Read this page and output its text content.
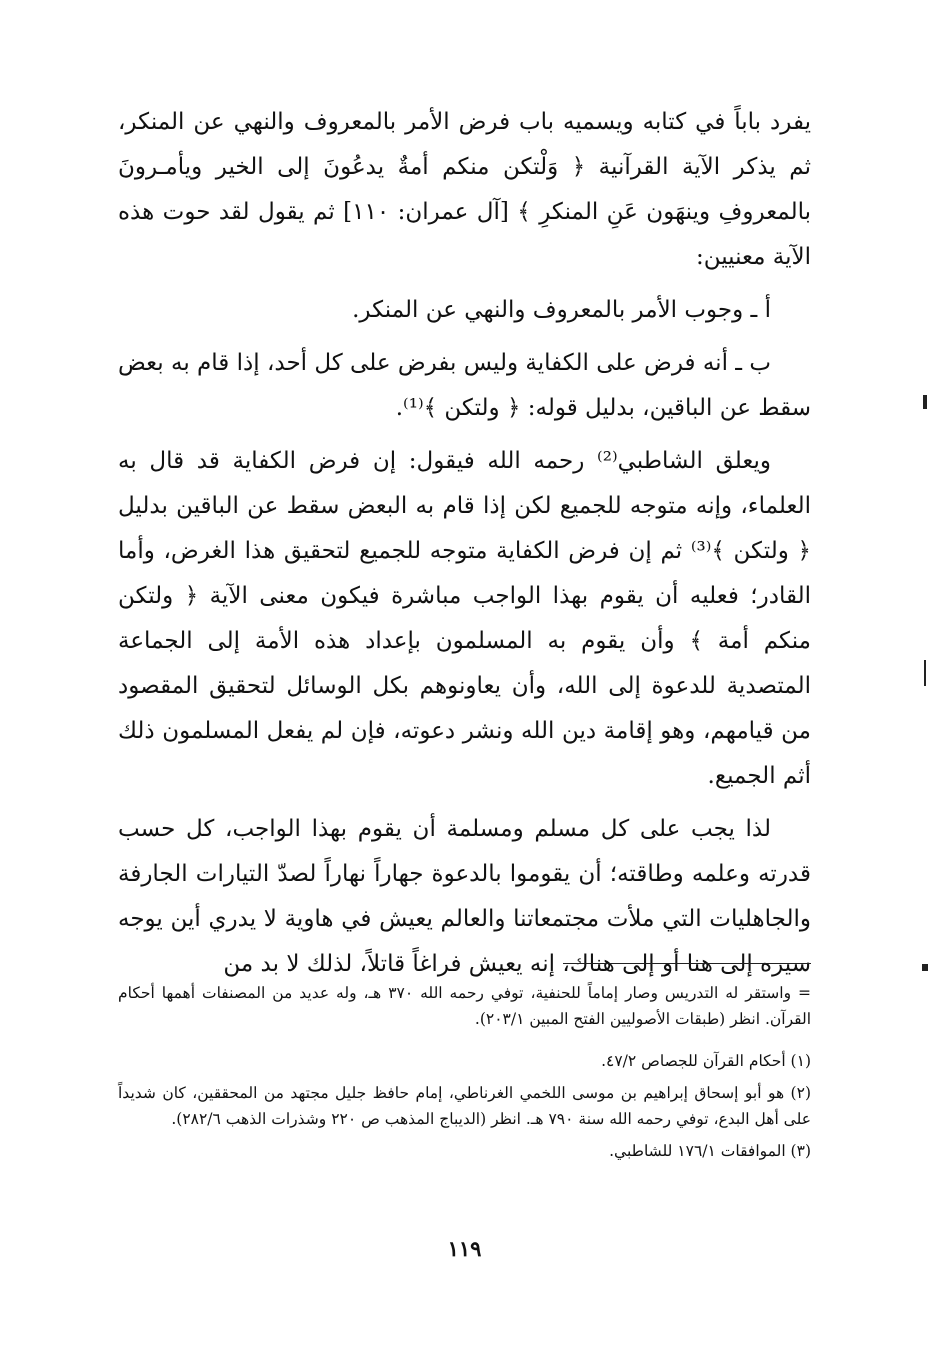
يفرد باباً في كتابه ويسميه باب فرض الأمر بالمعروف والنهي عن المنكر، ثم يذكر الآية القرآنية ﴿ وَلْتكن منكم أمةٌ يدعُونَ إلى الخير ويأمـرونَ بالمعروفِ وينهَون عَنِ المنكرِ ﴾ [آل عمران: ١١٠] ثم يقول لقد حوت هذه الآية معنيين:

أ ـ وجوب الأمر بالمعروف والنهي عن المنكر.

ب ـ أنه فرض على الكفاية وليس بفرض على كل أحد، إذا قام به بعض سقط عن الباقين، بدليل قوله: ﴿ ولتكن ﴾⁽¹⁾.

ويعلق الشاطبي⁽²⁾ رحمه الله فيقول: إن فرض الكفاية قد قال به العلماء، وإنه متوجه للجميع لكن إذا قام به البعض سقط عن الباقين بدليل ﴿ ولتكن ﴾⁽³⁾ ثم إن فرض الكفاية متوجه للجميع لتحقيق هذا الغرض، وأما القادر؛ فعليه أن يقوم بهذا الواجب مباشرة فيكون معنى الآية ﴿ ولتكن منكم أمة ﴾ وأن يقوم به المسلمون بإعداد هذه الأمة إلى الجماعة المتصدية للدعوة إلى الله، وأن يعاونوهم بكل الوسائل لتحقيق المقصود من قيامهم، وهو إقامة دين الله ونشر دعوته، فإن لم يفعل المسلمون ذلك أثم الجميع.

لذا يجب على كل مسلم ومسلمة أن يقوم بهذا الواجب، كل حسب قدرته وعلمه وطاقته؛ أن يقوموا بالدعوة جهاراً نهاراً لصدّ التيارات الجارفة والجاهليات التي ملأت مجتمعاتنا والعالم يعيش في هاوية لا يدري أين يوجه سيره إلى هنا أو إلى هناك، إنه يعيش فراغاً قاتلاً، لذلك لا بد من

= واستقر له التدريس وصار إماماً للحنفية، توفي رحمه الله ٣٧٠ هـ، وله عديد من المصنفات أهمها أحكام القرآن. انظر (طبقات الأصوليين الفتح المبين ٢٠٣/١).

(١) أحكام القرآن للجصاص ٤٧/٢.

(٢) هو أبو إسحاق إبراهيم بن موسى اللخمي الغرناطي، إمام حافظ جليل مجتهد من المحققين، كان شديداً على أهل البدع، توفي رحمه الله سنة ٧٩٠ هـ. انظر (الديباج المذهب ص ٢٢٠ وشذرات الذهب ٢٨٢/٦).

(٣) الموافقات ١٧٦/١ للشاطبي.

١١٩
